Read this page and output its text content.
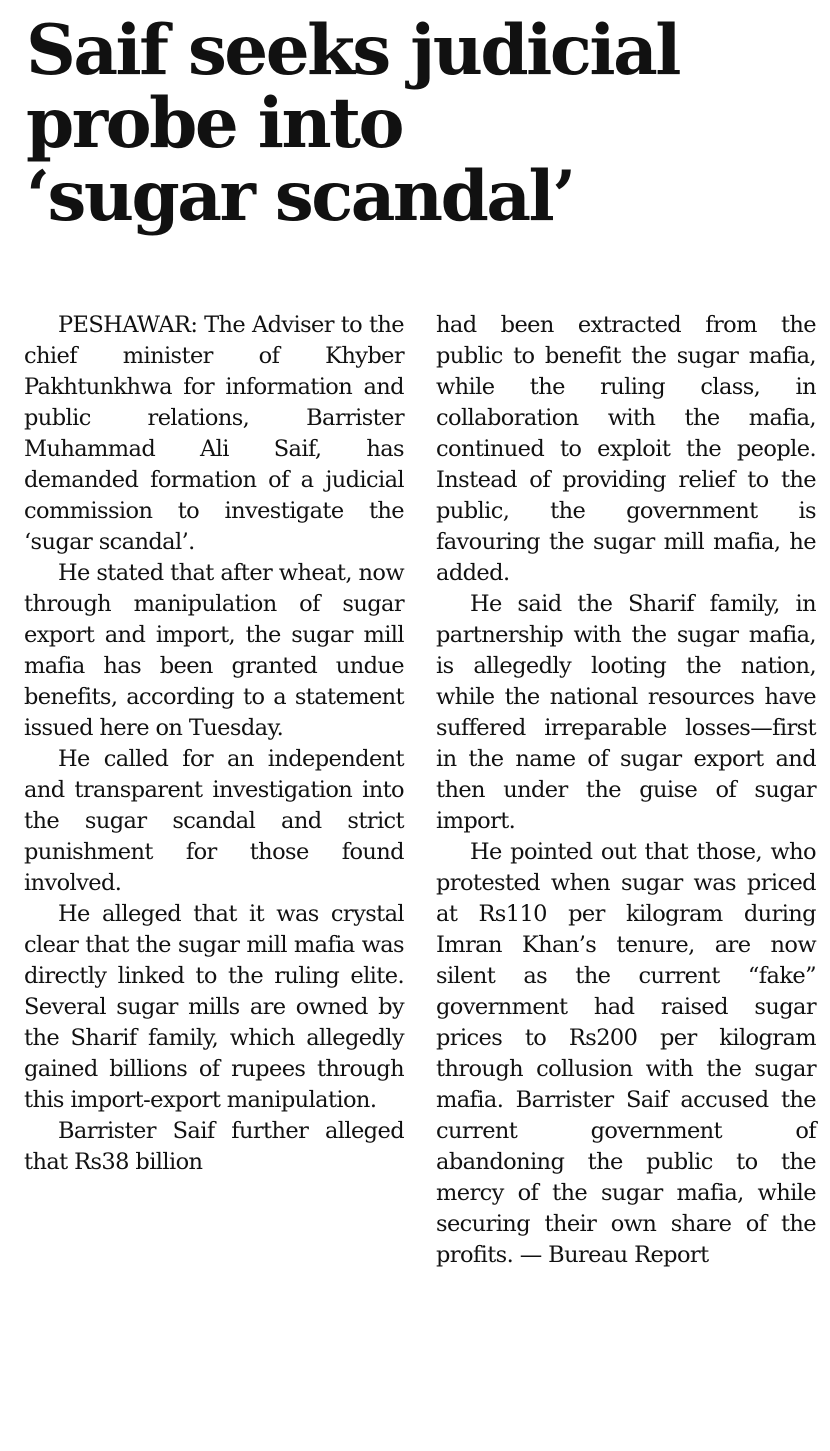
Saif seeks judicial
probe into
‘sugar scandal’

PESHAWAR: The Adviser to the chief minister of Khyber Pakhtunkhwa for information and public relations, Barrister Muhammad Ali Saif, has demanded formation of a judicial commission to investigate the ‘sugar scandal’.

He stated that after wheat, now through manipulation of sugar export and import, the sugar mill mafia has been granted undue benefits, according to a statement issued here on Tuesday.

He called for an independent and transparent investigation into the sugar scandal and strict punishment for those found involved.

He alleged that it was crystal clear that the sugar mill mafia was directly linked to the ruling elite. Several sugar mills are owned by the Sharif family, which allegedly gained billions of rupees through this import-export manipulation.

Barrister Saif further alleged that Rs38 billion

had been extracted from the public to benefit the sugar mafia, while the ruling class, in collaboration with the mafia, continued to exploit the people. Instead of providing relief to the public, the government is favouring the sugar mill mafia, he added.

He said the Sharif family, in partnership with the sugar mafia, is allegedly looting the nation, while the national resources have suffered irreparable losses—first in the name of sugar export and then under the guise of sugar import.

He pointed out that those, who protested when sugar was priced at Rs110 per kilogram during Imran Khan’s tenure, are now silent as the current “fake” government had raised sugar prices to Rs200 per kilogram through collusion with the sugar mafia. Barrister Saif accused the current government of abandoning the public to the mercy of the sugar mafia, while securing their own share of the profits. — Bureau Report
